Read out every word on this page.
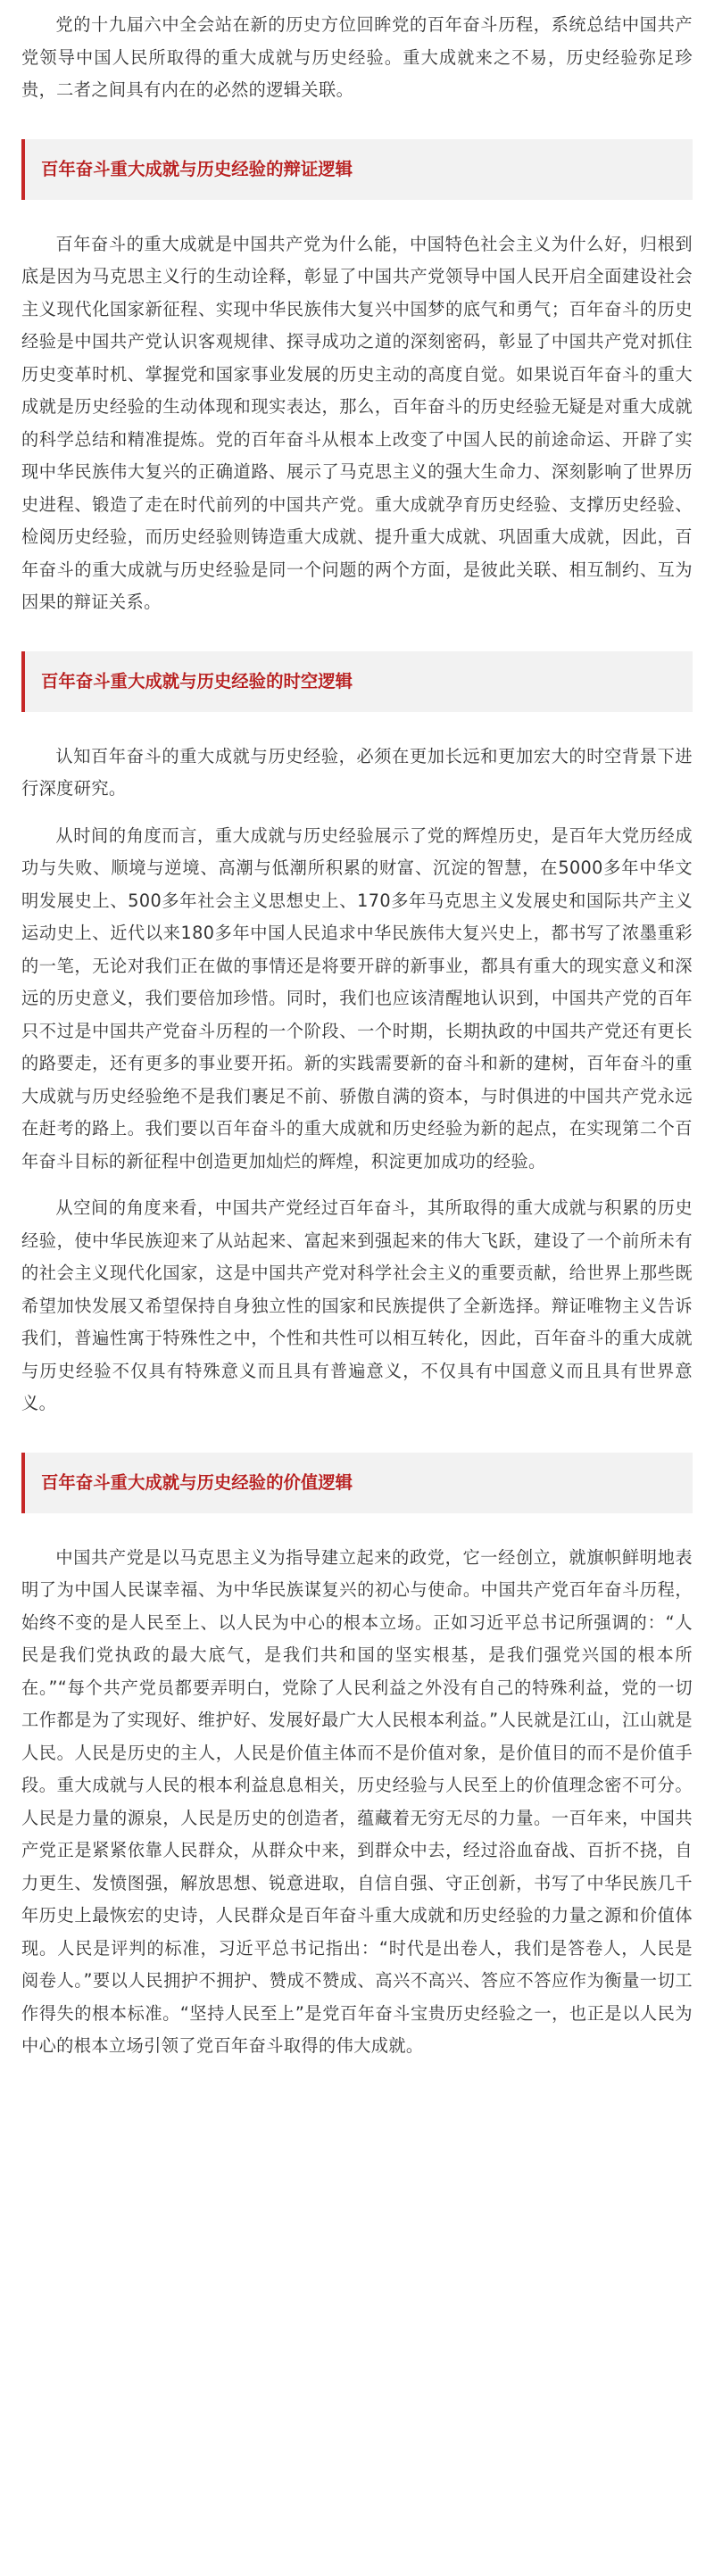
党的十九届六中全会站在新的历史方位回眸党的百年奋斗历程，系统总结中国共产党领导中国人民所取得的重大成就与历史经验。重大成就来之不易，历史经验弥足珍贵，二者之间具有内在的必然的逻辑关联。

百年奋斗重大成就与历史经验的辩证逻辑

百年奋斗的重大成就是中国共产党为什么能，中国特色社会主义为什么好，归根到底是因为马克思主义行的生动诠释，彰显了中国共产党领导中国人民开启全面建设社会主义现代化国家新征程、实现中华民族伟大复兴中国梦的底气和勇气；百年奋斗的历史经验是中国共产党认识客观规律、探寻成功之道的深刻密码，彰显了中国共产党对抓住历史变革时机、掌握党和国家事业发展的历史主动的高度自觉。如果说百年奋斗的重大成就是历史经验的生动体现和现实表达，那么，百年奋斗的历史经验无疑是对重大成就的科学总结和精准提炼。党的百年奋斗从根本上改变了中国人民的前途命运、开辟了实现中华民族伟大复兴的正确道路、展示了马克思主义的强大生命力、深刻影响了世界历史进程、锻造了走在时代前列的中国共产党。重大成就孕育历史经验、支撑历史经验、检阅历史经验，而历史经验则铸造重大成就、提升重大成就、巩固重大成就，因此，百年奋斗的重大成就与历史经验是同一个问题的两个方面，是彼此关联、相互制约、互为因果的辩证关系。

百年奋斗重大成就与历史经验的时空逻辑

认知百年奋斗的重大成就与历史经验，必须在更加长远和更加宏大的时空背景下进行深度研究。

从时间的角度而言，重大成就与历史经验展示了党的辉煌历史，是百年大党历经成功与失败、顺境与逆境、高潮与低潮所积累的财富、沉淀的智慧，在5000多年中华文明发展史上、500多年社会主义思想史上、170多年马克思主义发展史和国际共产主义运动史上、近代以来180多年中国人民追求中华民族伟大复兴史上，都书写了浓墨重彩的一笔，无论对我们正在做的事情还是将要开辟的新事业，都具有重大的现实意义和深远的历史意义，我们要倍加珍惜。同时，我们也应该清醒地认识到，中国共产党的百年只不过是中国共产党奋斗历程的一个阶段、一个时期，长期执政的中国共产党还有更长的路要走，还有更多的事业要开拓。新的实践需要新的奋斗和新的建树，百年奋斗的重大成就与历史经验绝不是我们裹足不前、骄傲自满的资本，与时俱进的中国共产党永远在赶考的路上。我们要以百年奋斗的重大成就和历史经验为新的起点，在实现第二个百年奋斗目标的新征程中创造更加灿烂的辉煌，积淀更加成功的经验。

从空间的角度来看，中国共产党经过百年奋斗，其所取得的重大成就与积累的历史经验，使中华民族迎来了从站起来、富起来到强起来的伟大飞跃，建设了一个前所未有的社会主义现代化国家，这是中国共产党对科学社会主义的重要贡献，给世界上那些既希望加快发展又希望保持自身独立性的国家和民族提供了全新选择。辩证唯物主义告诉我们，普遍性寓于特殊性之中，个性和共性可以相互转化，因此，百年奋斗的重大成就与历史经验不仅具有特殊意义而且具有普遍意义，不仅具有中国意义而且具有世界意义。

百年奋斗重大成就与历史经验的价值逻辑

中国共产党是以马克思主义为指导建立起来的政党，它一经创立，就旗帜鲜明地表明了为中国人民谋幸福、为中华民族谋复兴的初心与使命。中国共产党百年奋斗历程，始终不变的是人民至上、以人民为中心的根本立场。正如习近平总书记所强调的：“人民是我们党执政的最大底气，是我们共和国的坚实根基，是我们强党兴国的根本所在。”“每个共产党员都要弄明白，党除了人民利益之外没有自己的特殊利益，党的一切工作都是为了实现好、维护好、发展好最广大人民根本利益。”人民就是江山，江山就是人民。人民是历史的主人，人民是价值主体而不是价值对象，是价值目的而不是价值手段。重大成就与人民的根本利益息息相关，历史经验与人民至上的价值理念密不可分。人民是力量的源泉，人民是历史的创造者，蕴藏着无穷无尽的力量。一百年来，中国共产党正是紧紧依靠人民群众，从群众中来，到群众中去，经过浴血奋战、百折不挠，自力更生、发愤图强，解放思想、锐意进取，自信自强、守正创新，书写了中华民族几千年历史上最恢宏的史诗，人民群众是百年奋斗重大成就和历史经验的力量之源和价值体现。人民是评判的标准，习近平总书记指出：“时代是出卷人，我们是答卷人，人民是阅卷人。”要以人民拥护不拥护、赞成不赞成、高兴不高兴、答应不答应作为衡量一切工作得失的根本标准。“坚持人民至上”是党百年奋斗宝贵历史经验之一，也正是以人民为中心的根本立场引领了党百年奋斗取得的伟大成就。
